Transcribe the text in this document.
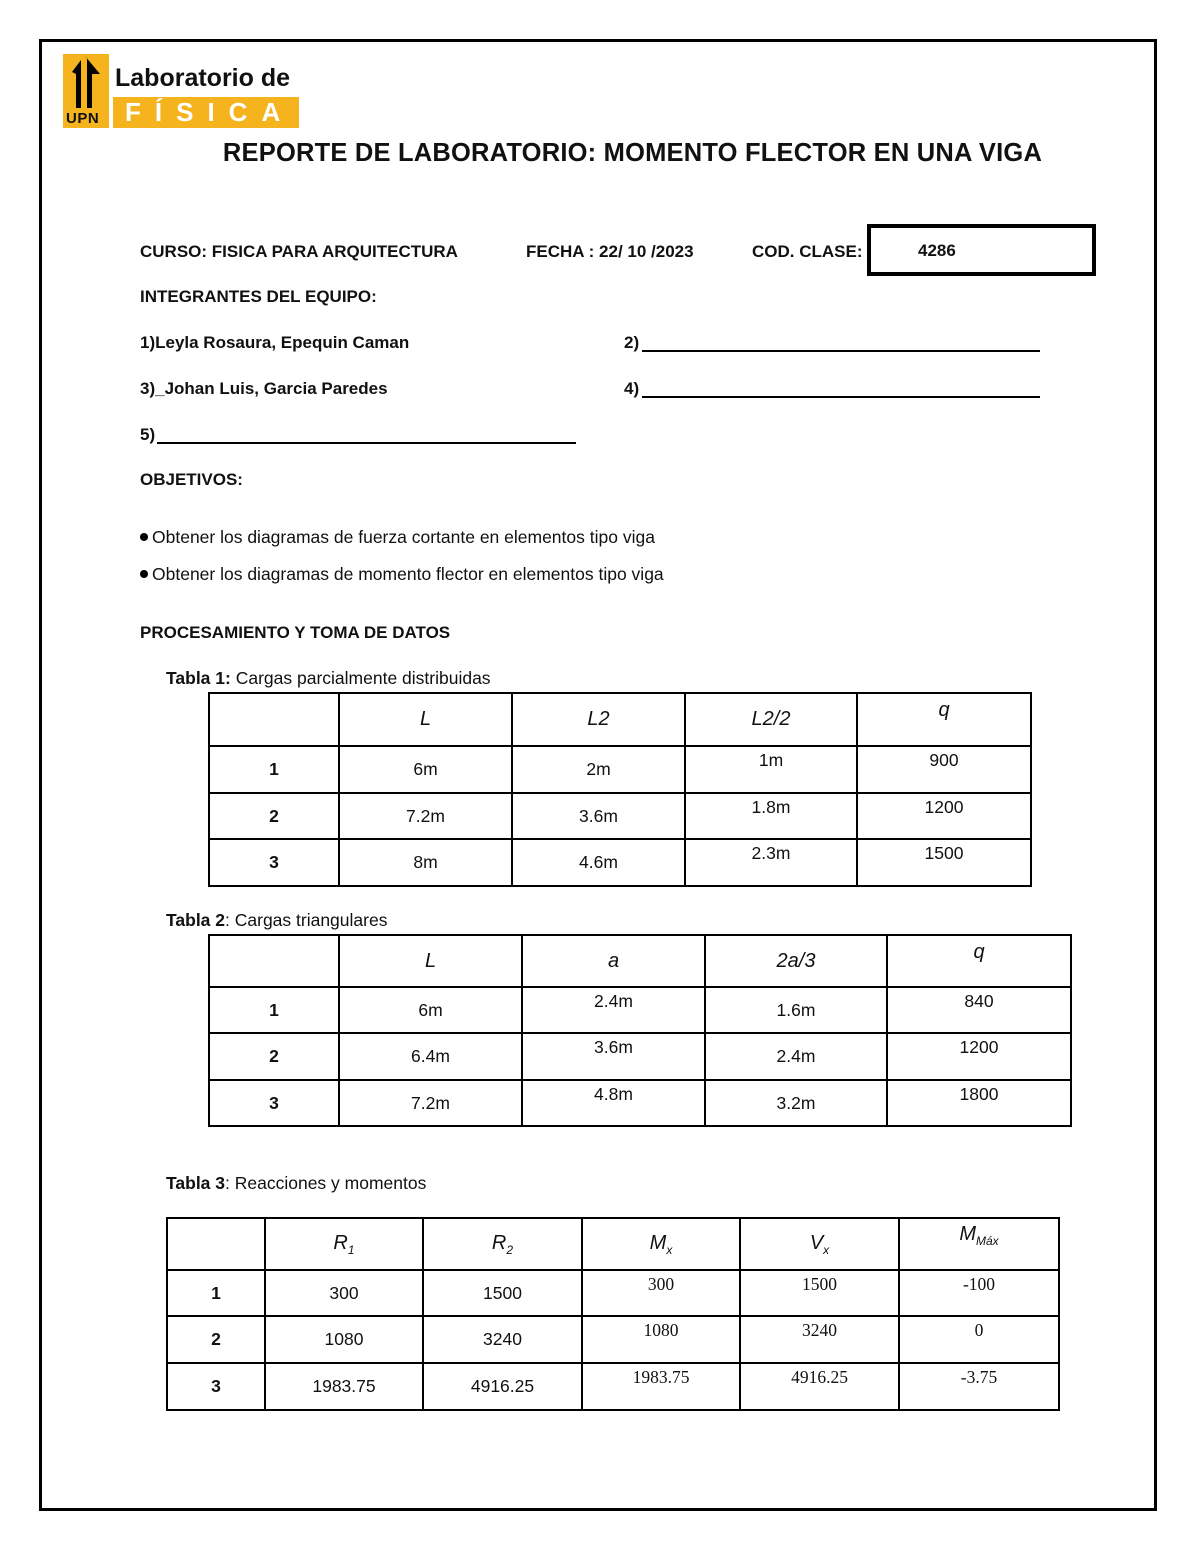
UPN
Laboratorio de
FÍSICA
REPORTE DE LABORATORIO: MOMENTO FLECTOR EN UNA VIGA
CURSO: FISICA PARA ARQUITECTURA	FECHA : 22/ 10 /2023	COD. CLASE:	4286
INTEGRANTES DEL EQUIPO:
1)Leyla Rosaura, Epequin Caman	2)
3)_Johan Luis, Garcia Paredes	4)
5)
OBJETIVOS:
Obtener los diagramas de fuerza cortante en elementos tipo viga
Obtener los diagramas de momento flector en elementos tipo viga
PROCESAMIENTO Y TOMA DE DATOS
Tabla 1: Cargas parcialmente distribuidas
	L	L2	L2/2	q
1	6m	2m	1m	900
2	7.2m	3.6m	1.8m	1200
3	8m	4.6m	2.3m	1500
Tabla 2: Cargas triangulares
	L	a	2a/3	q
1	6m	2.4m	1.6m	840
2	6.4m	3.6m	2.4m	1200
3	7.2m	4.8m	3.2m	1800
Tabla 3: Reacciones y momentos
	$R_1$	$R_2$	$M_x$	$V_x$	$M_{Máx}$
1	300	1500	300	1500	-100
2	1080	3240	1080	3240	0
3	1983.75	4916.25	1983.75	4916.25	-3.75
